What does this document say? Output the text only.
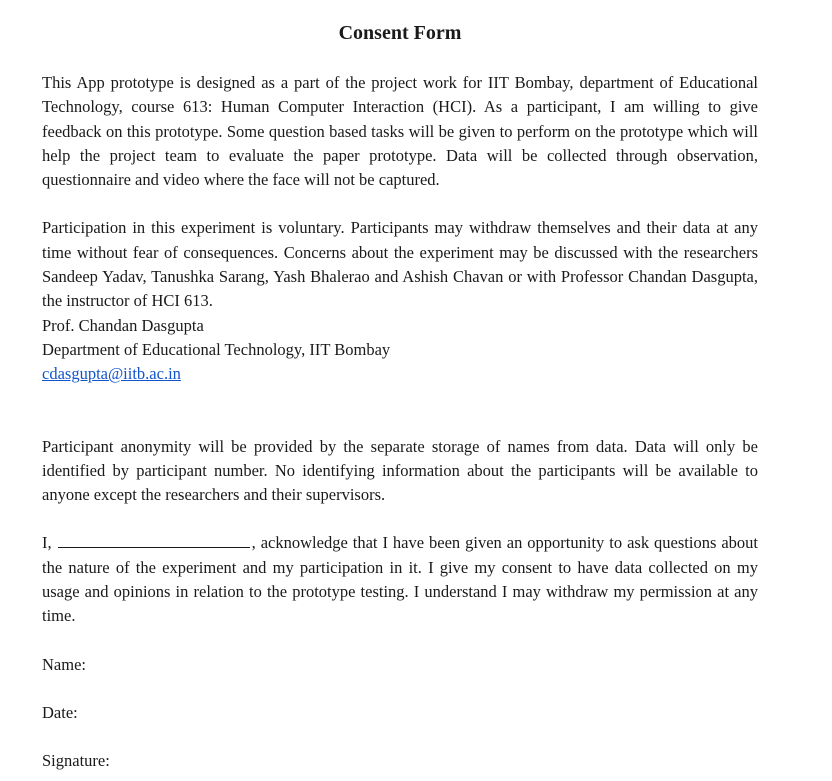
Consent Form

This App prototype is designed as a part of the project work for IIT Bombay, department of Educational Technology, course 613: Human Computer Interaction (HCI). As a participant, I am willing to give feedback on this prototype. Some question based tasks will be given to perform on the prototype which will help the project team to evaluate the paper prototype. Data will be collected through observation, questionnaire and video where the face will not be captured.

Participation in this experiment is voluntary. Participants may withdraw themselves and their data at any time without fear of consequences. Concerns about the experiment may be discussed with the researchers Sandeep Yadav, Tanushka Sarang, Yash Bhalerao and Ashish Chavan or with Professor Chandan Dasgupta, the instructor of HCI 613.

Prof. Chandan Dasgupta
Department of Educational Technology, IIT Bombay
cdasgupta@iitb.ac.in

Participant anonymity will be provided by the separate storage of names from data. Data will only be identified by participant number. No identifying information about the participants will be available to anyone except the researchers and their supervisors.

I,	, acknowledge that I have been given an opportunity to ask questions about the nature of the experiment and my participation in it. I give my consent to have data collected on my usage and opinions in relation to the prototype testing. I understand I may withdraw my permission at any time.

Name:
Date:
Signature:
